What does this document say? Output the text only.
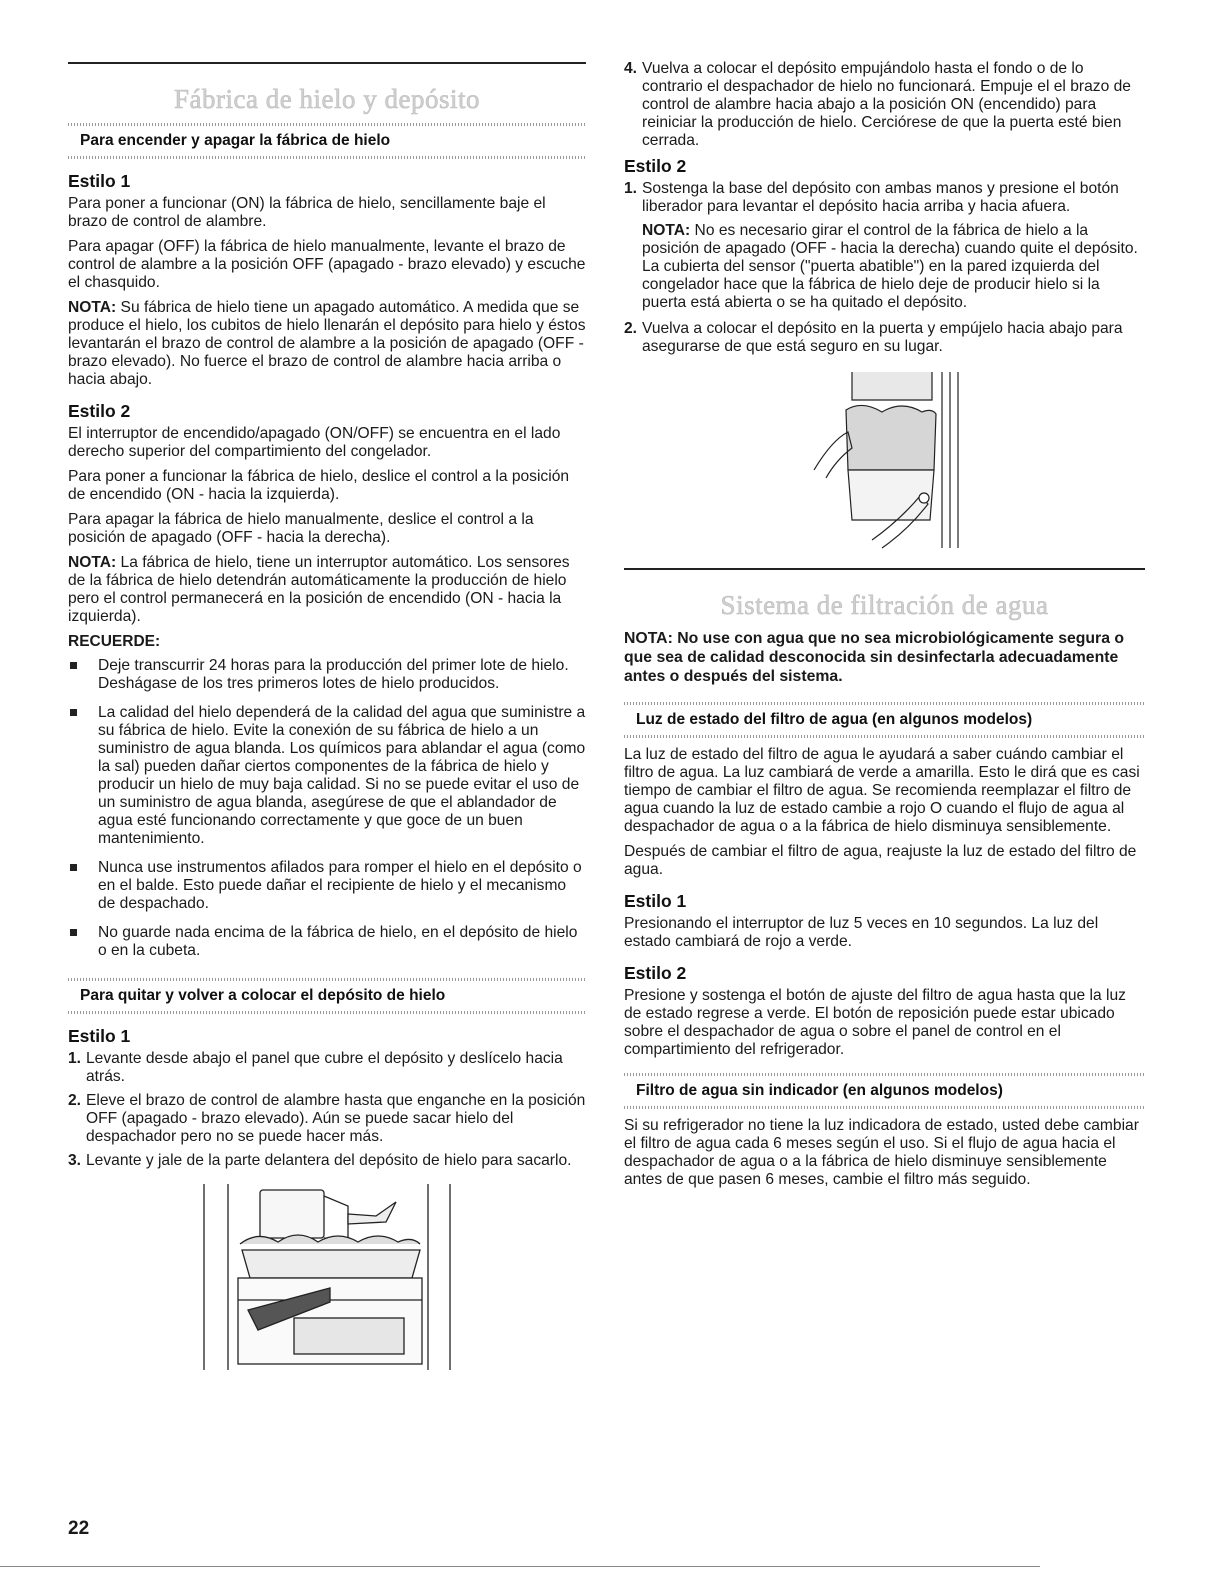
Fábrica de hielo y depósito
Para encender y apagar la fábrica de hielo
Estilo 1

Para poner a funcionar (ON) la fábrica de hielo, sencillamente baje el brazo de control de alambre.

Para apagar (OFF) la fábrica de hielo manualmente, levante el brazo de control de alambre a la posición OFF (apagado - brazo elevado) y escuche el chasquido.

NOTA: Su fábrica de hielo tiene un apagado automático. A medida que se produce el hielo, los cubitos de hielo llenarán el depósito para hielo y éstos levantarán el brazo de control de alambre a la posición de apagado (OFF - brazo elevado). No fuerce el brazo de control de alambre hacia arriba o hacia abajo.

Estilo 2

El interruptor de encendido/apagado (ON/OFF) se encuentra en el lado derecho superior del compartimiento del congelador.

Para poner a funcionar la fábrica de hielo, deslice el control a la posición de encendido (ON - hacia la izquierda).

Para apagar la fábrica de hielo manualmente, deslice el control a la posición de apagado (OFF - hacia la derecha).

NOTA: La fábrica de hielo, tiene un interruptor automático. Los sensores de la fábrica de hielo detendrán automáticamente la producción de hielo pero el control permanecerá en la posición de encendido (ON - hacia la izquierda).

RECUERDE:
Deje transcurrir 24 horas para la producción del primer lote de hielo. Deshágase de los tres primeros lotes de hielo producidos.
La calidad del hielo dependerá de la calidad del agua que suministre a su fábrica de hielo. Evite la conexión de su fábrica de hielo a un suministro de agua blanda. Los químicos para ablandar el agua (como la sal) pueden dañar ciertos componentes de la fábrica de hielo y producir un hielo de muy baja calidad. Si no se puede evitar el uso de un suministro de agua blanda, asegúrese de que el ablandador de agua esté funcionando correctamente y que goce de un buen mantenimiento.
Nunca use instrumentos afilados para romper el hielo en el depósito o en el balde. Esto puede dañar el recipiente de hielo y el mecanismo de despachado.
No guarde nada encima de la fábrica de hielo, en el depósito de hielo o en la cubeta.
Para quitar y volver a colocar el depósito de hielo
Estilo 1
1. Levante desde abajo el panel que cubre el depósito y deslícelo hacia atrás.
2. Eleve el brazo de control de alambre hasta que enganche en la posición OFF (apagado - brazo elevado). Aún se puede sacar hielo del despachador pero no se puede hacer más.
3. Levante y jale de la parte delantera del depósito de hielo para sacarlo.
4. Vuelva a colocar el depósito empujándolo hasta el fondo o de lo contrario el despachador de hielo no funcionará. Empuje el el brazo de control de alambre hacia abajo a la posición ON (encendido) para reiniciar la producción de hielo. Cerciórese de que la puerta esté bien cerrada.
Estilo 2
1. Sostenga la base del depósito con ambas manos y presione el botón liberador para levantar el depósito hacia arriba y hacia afuera.
NOTA: No es necesario girar el control de la fábrica de hielo a la posición de apagado (OFF - hacia la derecha) cuando quite el depósito. La cubierta del sensor ("puerta abatible") en la pared izquierda del congelador hace que la fábrica de hielo deje de producir hielo si la puerta está abierta o se ha quitado el depósito.
2. Vuelva a colocar el depósito en la puerta y empújelo hacia abajo para asegurarse de que está seguro en su lugar.
Sistema de filtración de agua
NOTA: No use con agua que no sea microbiológicamente segura o que sea de calidad desconocida sin desinfectarla adecuadamente antes o después del sistema.
Luz de estado del filtro de agua (en algunos modelos)

La luz de estado del filtro de agua le ayudará a saber cuándo cambiar el filtro de agua. La luz cambiará de verde a amarilla. Esto le dirá que es casi tiempo de cambiar el filtro de agua. Se recomienda reemplazar el filtro de agua cuando la luz de estado cambie a rojo O cuando el flujo de agua al despachador de agua o a la fábrica de hielo disminuya sensiblemente.

Después de cambiar el filtro de agua, reajuste la luz de estado del filtro de agua.

Estilo 1

Presionando el interruptor de luz 5 veces en 10 segundos. La luz del estado cambiará de rojo a verde.

Estilo 2

Presione y sostenga el botón de ajuste del filtro de agua hasta que la luz de estado regrese a verde. El botón de reposición puede estar ubicado sobre el despachador de agua o sobre el panel de control en el compartimiento del refrigerador.

Filtro de agua sin indicador (en algunos modelos)

Si su refrigerador no tiene la luz indicadora de estado, usted debe cambiar el filtro de agua cada 6 meses según el uso. Si el flujo de agua hacia el despachador de agua o a la fábrica de hielo disminuye sensiblemente antes de que pasen 6 meses, cambie el filtro más seguido.

22
